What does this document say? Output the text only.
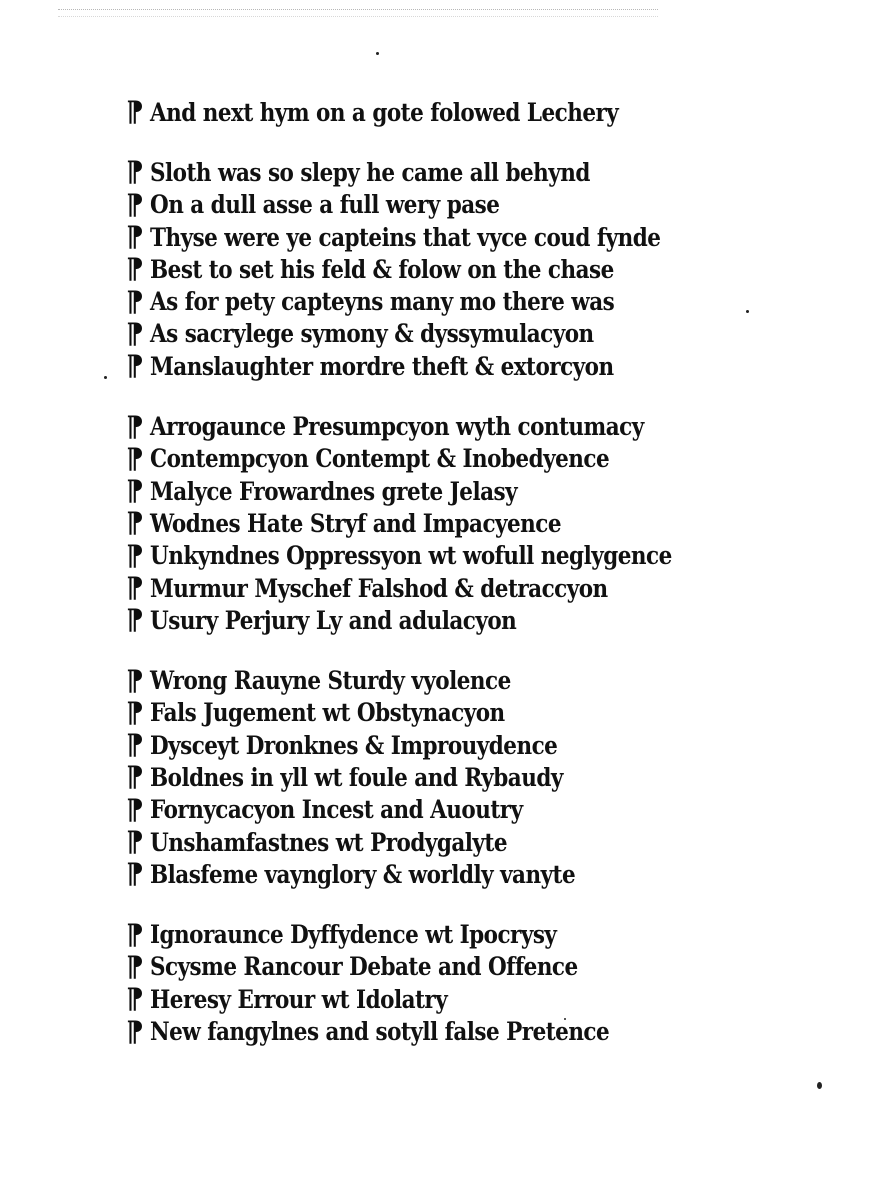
¶ And next hym on a gote folowed Lechery
¶ Sloth was so slepy he came all behynd
¶ On a dull asse a full wery pase
¶ Thyse were ye capteins that vyce coud fynde
¶ Best to set his feld & folow on the chase
¶ As for pety capteyns many mo there was
¶ As sacrylege symony & dyssymulacyon
¶ Manslaughter mordre theft & extorcyon
¶ Arrogaunce Presumpcyon wyth contumacy
¶ Contempcyon Contempt & Inobedyence
¶ Malyce Frowardnes grete Jelasy
¶ Wodnes Hate Stryf and Impacyence
¶ Unkyndnes Oppressyon wt wofull neglygence
¶ Murmur Myschef Falshod & detraccyon
¶ Usury Perjury Ly and adulacyon
¶ Wrong Rauyne Sturdy vyolence
¶ Fals Jugement wt Obstynacyon
¶ Dysceyt Dronknes & Improuydence
¶ Boldnes in yll wt foule and Rybaudy
¶ Fornycacyon Incest and Auoutry
¶ Unshamfastnes wt Prodygalyte
¶ Blasfeme vaynglory & worldly vanyte
¶ Ignoraunce Dyffydence wt Ipocrysy
¶ Scysme Rancour Debate and Offence
¶ Heresy Errour wt Idolatry
¶ New fangylnes and sotyll false Pretence
